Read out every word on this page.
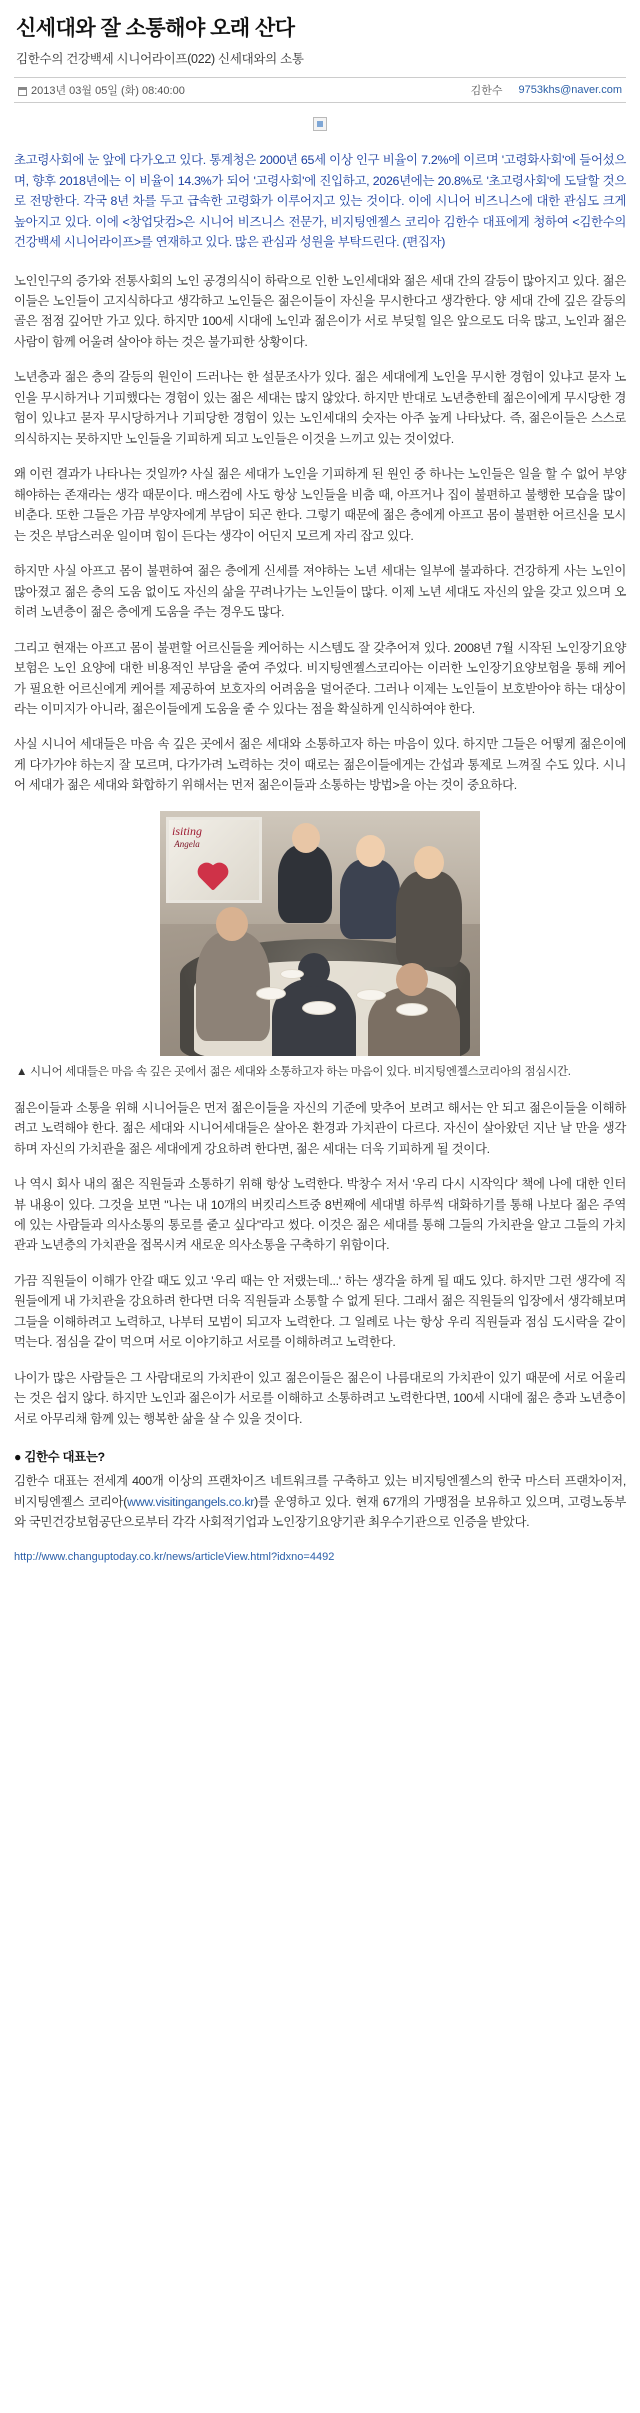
신세대와 잘 소통해야 오래 산다
김한수의 건강백세 시니어라이프(022) 신세대와의 소통
2013년 03월 05일 (화) 08:40:00	김한수	9753khs@naver.com

초고령사회에 눈 앞에 다가오고 있다. 통계청은 2000년 65세 이상 인구 비율이 7.2%에 이르며 '고령화사회'에 들어섰으며, 향후 2018년에는 이 비율이 14.3%가 되어 '고령사회'에 진입하고, 2026년에는 20.8%로 '초고령사회'에 도달할 것으로 전망한다. 각국 8년 차를 두고 급속한 고령화가 이루어지고 있는 것이다. 이에 시니어 비즈니스에 대한 관심도 크게 높아지고 있다. 이에 <창업닷컴>은 시니어 비즈니스 전문가, 비지팅엔젤스 코리아 김한수 대표에게 청하여 <김한수의 건강백세 시니어라이프>를 연재하고 있다. 많은 관심과 성원을 부탁드린다. (편집자)

노인인구의 증가와 전통사회의 노인 공경의식이 하락으로 인한 노인세대와 젊은 세대 간의 갈등이 많아지고 있다. 젊은이들은 노인들이 고지식하다고 생각하고 노인들은 젊은이들이 자신을 무시한다고 생각한다. 양 세대 간에 깊은 갈등의 골은 점점 깊어만 가고 있다. 하지만 100세 시대에 노인과 젊은이가 서로 부딪힐 일은 앞으로도 더욱 많고, 노인과 젊은 사람이 함께 어울려 살아야 하는 것은 불가피한 상황이다.

노년층과 젊은 층의 갈등의 원인이 드러나는 한 설문조사가 있다. 젊은 세대에게 노인을 무시한 경험이 있냐고 묻자 노인을 무시하거나 기피했다는 경험이 있는 젊은 세대는 많지 않았다. 하지만 반대로 노년층한테 젊은이에게 무시당한 경험이 있냐고 묻자 무시당하거나 기피당한 경험이 있는 노인세대의 숫자는 아주 높게 나타났다. 즉, 젊은이들은 스스로 의식하지는 못하지만 노인들을 기피하게 되고 노인들은 이것을 느끼고 있는 것이었다.

왜 이런 결과가 나타나는 것일까? 사실 젊은 세대가 노인을 기피하게 된 원인 중 하나는 노인들은 일을 할 수 없어 부양해야하는 존재라는 생각 때문이다. 매스컴에 사도 항상 노인들을 비춤 때, 아프거나 집이 불편하고 불행한 모습을 많이 비춘다. 또한 그들은 가끔 부양자에게 부담이 되곤 한다. 그렇기 때문에 젊은 층에게 아프고 몸이 불편한 어르신을 모시는 것은 부담스러운 일이며 힘이 든다는 생각이 어딘지 모르게 자리 잡고 있다.

하지만 사실 아프고 몸이 불편하여 젊은 층에게 신세를 져야하는 노년 세대는 일부에 불과하다. 건강하게 사는 노인이 많아졌고 젊은 층의 도움 없이도 자신의 삶을 꾸려나가는 노인들이 많다. 이제 노년 세대도 자신의 앞을 갖고 있으며 오히려 노년층이 젊은 층에게 도움을 주는 경우도 많다.

그리고 현재는 아프고 몸이 불편할 어르신들을 케어하는 시스템도 잘 갖추어져 있다. 2008년 7월 시작된 노인장기요양보험은 노인 요양에 대한 비용적인 부담을 줄여 주었다. 비지팅엔젤스코리아는 이러한 노인장기요양보험을 통해 케어가 필요한 어르신에게 케어를 제공하여 보호자의 어려움을 덜어준다. 그러나 이제는 노인들이 보호받아야 하는 대상이라는 이미지가 아니라, 젊은이들에게 도움을 줄 수 있다는 점을 확실하게 인식하여야 한다.

사실 시니어 세대들은 마음 속 깊은 곳에서 젊은 세대와 소통하고자 하는 마음이 있다. 하지만 그들은 어떻게 젊은이에게 다가가야 하는지 잘 모르며, 다가가려 노력하는 것이 때로는 젊은이들에게는 간섭과 통제로 느껴질 수도 있다. 시니어 세대가 젊은 세대와 화합하기 위해서는 먼저 젊은이들과 소통하는 방법>을 아는 것이 중요하다.

isiting
Angela
▲ 시니어 세대들은 마음 속 깊은 곳에서 젊은 세대와 소통하고자 하는 마음이 있다. 비지팅엔젤스코리아의 점심시간.

젊은이들과 소통을 위해 시니어들은 먼저 젊은이들을 자신의 기준에 맞추어 보려고 해서는 안 되고 젊은이들을 이해하려고 노력해야 한다. 젊은 세대와 시니어세대들은 살아온 환경과 가치관이 다르다. 자신이 살아왔던 지난 날 만을 생각하며 자신의 가치관을 젊은 세대에게 강요하려 한다면, 젊은 세대는 더욱 기피하게 될 것이다.

나 역시 회사 내의 젊은 직원들과 소통하기 위해 항상 노력한다. 박창수 저서 '우리 다시 시작익다' 책에 나에 대한 인터뷰 내용이 있다. 그것을 보면 "나는 내 10개의 버킷리스트중 8번째에 세대별 하루씩 대화하기를 통해 나보다 젊은 주역에 있는 사람들과 의사소통의 통로를 줄고 싶다"라고 썼다. 이것은 젊은 세대를 통해 그들의 가치관을 알고 그들의 가치관과 노년층의 가치관을 접목시켜 새로운 의사소통을 구축하기 위함이다.

가끔 직원들이 이해가 안갈 때도 있고 '우리 때는 안 저랬는데...' 하는 생각을 하게 될 때도 있다. 하지만 그런 생각에 직원들에게 내 가치관을 강요하려 한다면 더욱 직원들과 소통할 수 없게 된다. 그래서 젊은 직원들의 입장에서 생각해보며 그들을 이해하려고 노력하고, 나부터 모범이 되고자 노력한다. 그 일례로 나는 항상 우리 직원들과 점심 도시락을 같이 먹는다. 점심을 같이 먹으며 서로 이야기하고 서로를 이해하려고 노력한다.

나이가 많은 사람들은 그 사람대로의 가치관이 있고 젊은이들은 젊은이 나름대로의 가치관이 있기 때문에 서로 어울리는 것은 쉽지 않다. 하지만 노인과 젊은이가 서로를 이해하고 소통하려고 노력한다면, 100세 시대에 젊은 층과 노년층이 서로 아무리채 함께 있는 행복한 삶을 살 수 있을 것이다.

● 김한수 대표는?

김한수 대표는 전세계 400개 이상의 프랜차이즈 네트워크를 구축하고 있는 비지팅엔젤스의 한국 마스터 프랜차이저, 비지팅엔젤스 코리아(www.visitingangels.co.kr)를 운영하고 있다. 현재 67개의 가맹점을 보유하고 있으며, 고령노동부와 국민건강보험공단으로부터 각각 사회적기업과 노인장기요양기관 최우수기관으로 인증을 받았다.

http://www.changuptoday.co.kr/news/articleView.html?idxno=4492
